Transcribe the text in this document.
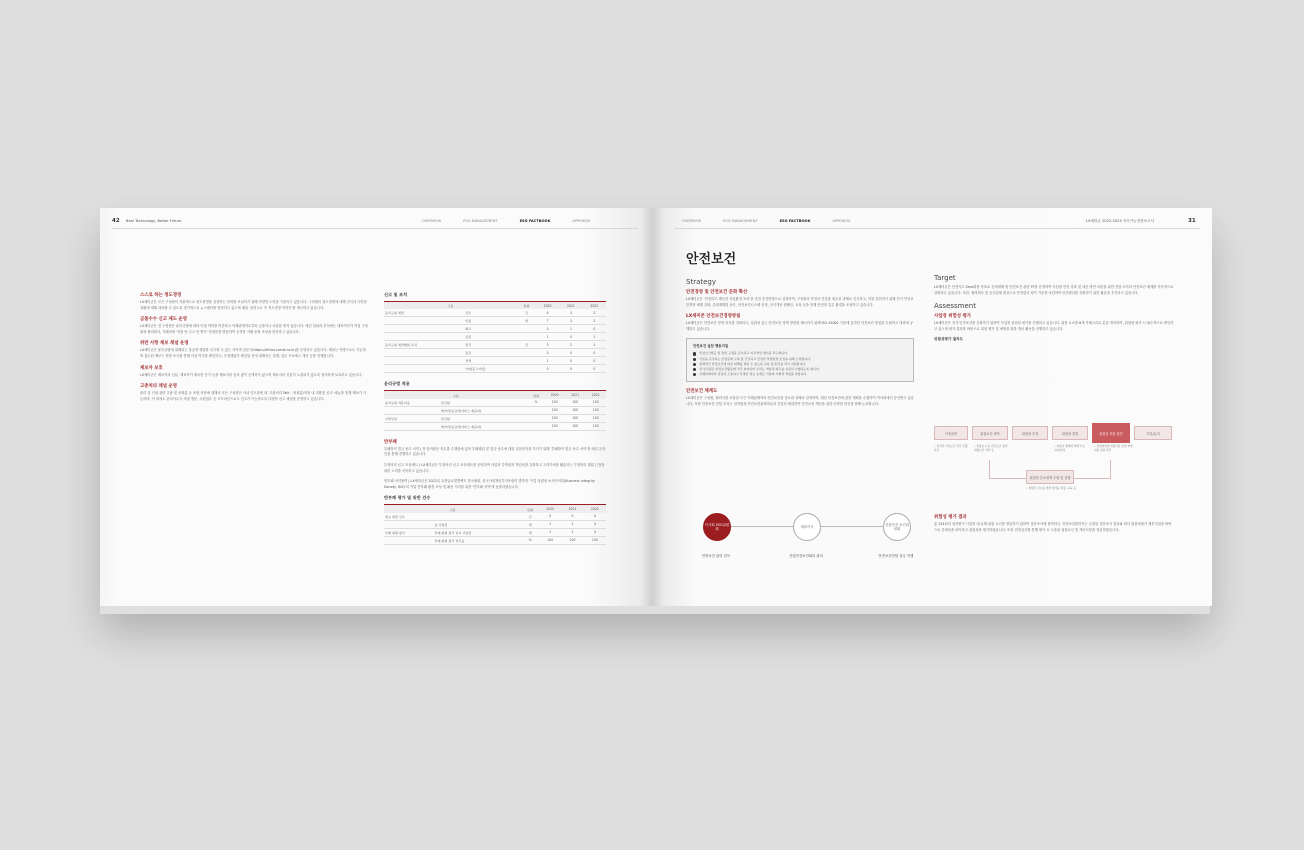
42 Best Technology, Better Future	OVERVIEW	ESG MANAGEMENT	ESG FACTBOOK	APPENDIX
스스로 하는 청도경영

LX세미콘은 모든 구성원이 자율적으로 청도경영을 실천하는 문화를 조성하기 위해 다양한 노력을 기울이고 있습니다. 구성원의 청도경영에 대해 인식과 다양한 상황에 대해 대처할 수 있도록 정기적으로 뉴스레터를 발송하고 있으며 매달 '윤리노트 속 정도경영 이야기'를 게시하고 있습니다.

금품수수 신고 제도 운영

LX세미콘은 전 구성원은 윤리규범에 따라 이권 여하를 막론하고 이해관계자로부터 금품이나 서류를 받지 않습니다. 매년 설날과 추석에는 대표이사가 직접 구성원과 협력회사, 거래처에 '선물 안 주고 안 받기' 안내문을 발송하여 공정한 거래 문화 조성을 당부하고 있습니다.

위반 사항 제보 채널 운영

LX세미콘은 윤리규범에 위배되는 불공정 행위를 신고할 수 있는 사이버 신문고(https://ethics.lxmdi.co.kr)를 운영하고 있습니다. 제보는 익명으로도 가능하며 접수된 제보는 현장 조사를 통해 사실 여부를 확인하고, 부정행위가 확인된 건에 대해서는 징계, 업무 프로세스 개선 등을 진행합니다.

제보자 보호

LX세미콘은 제보자의 신분, 제보자가 제시한 증거 등을 제보자의 동의 없이 공개하지 않으며 제보자의 신분이 노출되지 않도록 철저하게 보호하고 있습니다.

고충처리 채널 운영

윤리 및 인권 관련 고충 및 성희롱 등 조합 사항에 대해서 모든 구성원은 사내 인트라넷 내 '고충처리 Talk', '성희롱/직장 내 괴롭힘 신고' 메뉴를 통해 제보가 가능하며, 이 외에도 윤리사무국 직접 방문, 우편접수 등 오프라인으로도 신고가 가능하도록 다양한 신고 채널을 운영하고 있습니다.

신고 및 조치
구분		단위	2020	2021	2022
윤리규범 위반	건수	건	4	3	2
	인원	명	7	3	2
	해고		0	1	0
	감봉		1	0	1
윤리규범 위반행위 조치	정직	건	5	2	1
	감급		0	0	0
	견책		1	0	0
	기타(훈고사임)		0	0	0
윤리규범 적용
구분		단위	2020	2021	2022
윤리규범 적용비율	임직원	%	100	100	100
	계약자(공급자/서비스 제공자)		100	100	100
서명인원	임직원		100	100	100
	계약자(공급자/서비스 제공자)		100	100	100
반부패

부패방지 법규 준수 서약 | 전 임직원은 직무를 수행함에 있어 부패행위 및 법규 준수에 대한 실천의지를 다지기 위해 '부패방지 법규 준수 서약'을 매년 온라인을 통해 진행하고 있습니다.

부정비리 신고 포상제도 | LX세미콘은 부정비리 신고 포상제도를 운영하여 사업의 투명성과 책임성을 강화하고 고객가치를 훼손하는 부정비리 행위 근절을 위한 노력을 지속하고 있습니다.

반부패 서약참여 | LX세미콘은 2022년 유엔글로벌콤팩트 한국협회, 한국사회책임투자포럼이 발족한 '기업 청렴성 소사이어티(Business Integrity Society, BIS)'의 기업 반부패 환경 조성 및 활동 지지를 위한 '반부패 서약'에 동참하였습니다.

반부패 평가 및 위반 건수
구분		단위	2020	2021	2022
법규 위반 건수		건	0	0	0
	총 사업장	개	2	2	3
부패 위험 평가	부패 위험 평가 실시 사업장	개	2	2	3
	부패 위험 평가 실시율	%	100	100	100
OVERVIEW	ESG MANAGEMENT	ESG FACTBOOK	APPENDIX	LX세미콘 2022-2023 지속가능경영보고서	31
안전보건
Strategy
안전경영 및 안전보건 문화 확산

LX세미콘은 '안전하고 깨끗한 사업환경 조성'을 중점 추진방향으로 설정하여, 구성원의 안전과 건강을 최우선 과제로 인식하고, 이를 실천하기 위해 전사 안전보건경영 체계 강화, 중대재해법 준수, 안전보건시스템 운영, 인식개선 캠페인, 교육 등을 통해 안전한 업무 환경을 조성하고 있습니다.

LX세미콘 안전보건경영방침

LX세미콘은 안전보건 경영 의지를 강화하고, 일관성 있는 안전보건 정책 방향을 제시하기 위해 ISO 45001 기준에 입각한 안전보건 방침을 수립하고 대외에 공개하고 있습니다.

안전보건 실천 행동지침
안전보건법규 및 관련 규정을 준수하고 지속적인 개선을 추구합니다.
기본을 준수하는 안전문화 구축 및 건강하고 안전한 작업환경 조성을 위해 노력합니다.
잠재적인 안전보건에 대한 위해를 발굴 수 있도록 교육 및 훈련을 적극 지원합니다.
전 임직원은 안전보건활동에 적극 참여하며 우리는 책임과 의무를 성실히 수행하도록 합니다.
이해관계자와 성실히 소통하고 투명한 정보 공개로 기업의 사회적 책임을 다합니다.
안전보건 체계도

LX세미콘은 구성원, 협력사를 포함한 모든 이해관계자의 안전보건을 중요한 과제로 설정하여, 매년 안전보건에 관한 계획을 수립하여 이사회에서 승인받고 있습니다. 또한 안전보건 전담 부서는 임직원과 안전보건관계자들과 긴밀히 협력하여 안전보건 개선을 위한 다양한 안건을 함께 논의합니다.

이사회 ESG위원회
대표이사
산업안전 보건위원회
안전보건 관리 감독	산업안전보건회의 관리	안전보건전담 실무 이행
Target

LX세미콘은 안전사고 Zero화를 목표로 중대재해 및 안전보건 관련 TF를 운영하여 사업장 안전 강화 및 대응 방안 마련을 위한 전담 조직과 안전보건 체계를 지속적으로 강화하고 있습니다. 또한, 협력회사 및 공사업체 대상으로 안전관리 평가 기준을 마련하여 안전관리를 강화하기 위한 활동을 추진하고 있습니다.

Assessment
사업장 위험성 평가

LX세미콘은 전사 안전보건을 강화하기 위하여 사업장 위험성 평가를 진행하고 있습니다. 위험 요소를 6개 카테고리로 분류·정의하여, 위험성 평가 시 필수적으로 확인하고 있으며 평가 결과를 바탕으로 위험 제거 및 예방을 위한 개선 활동을 진행하고 있습니다.

위험성평가 절차도
사전준비	위험요인 파악	위험성 추정	위험성 결정	위험성 허용 판단	기록/유지
• 실적과 안전보건 관리 산출자료
• 현장순시 등 안전보건 통한 위험요인 파악 등
• 위험성 발생에 대해 가능성/중대성
• 결정위원회 위험성을 통한 위험 허용 범위 판단
위험성 감소대책 수립 및 실행
• 위험성 감소를 위한 대책을 설정, 교육 등
위험성 평가 결과

총 324회의 임직원이 사업장 내 유해·위험 요인을 발굴하기 위하여 설문조사에 참여하고, 안전보건관리자는 수집된 설문조사 결과와 회사 위험성평가 세부지침을 바탕으로 중대성을 파악하고 위험성을 평가하였습니다. 또한 현장실사를 통해 평가 시 도출된 위험요인 및 개선사항을 점검하였습니다.
